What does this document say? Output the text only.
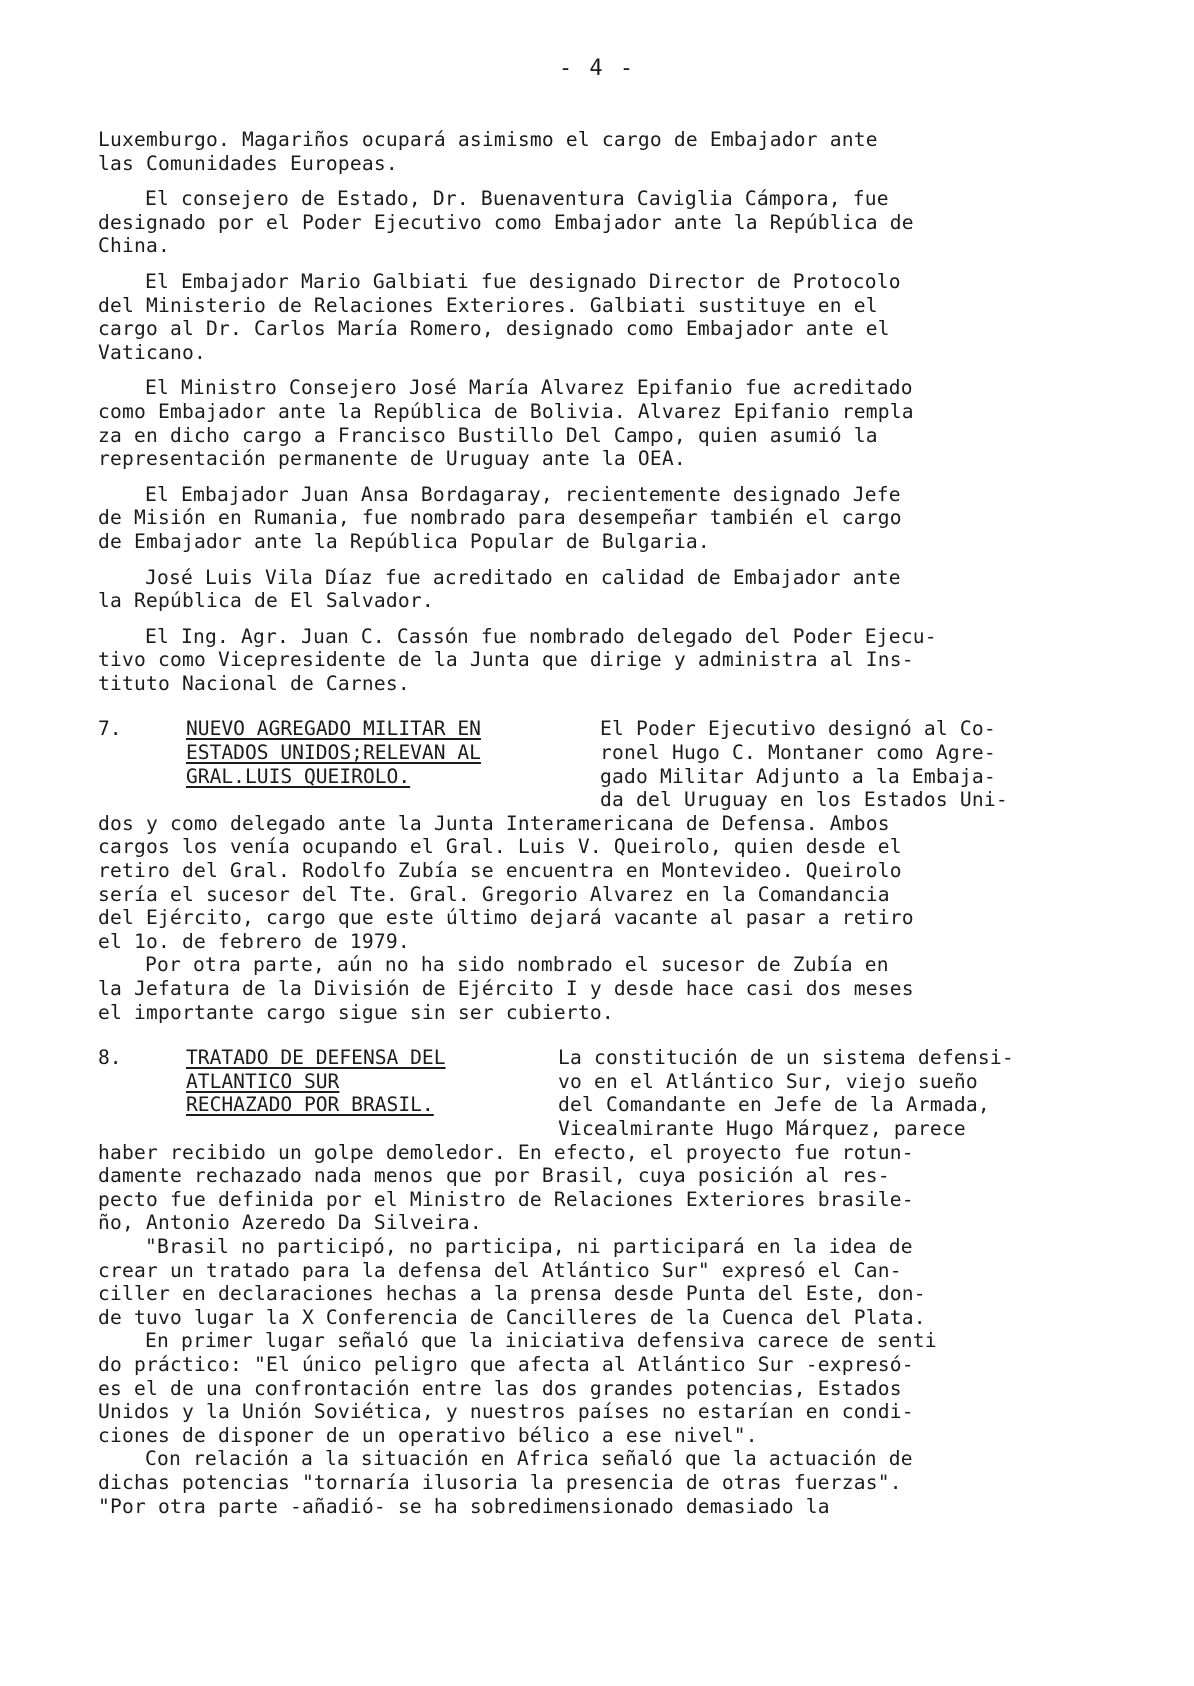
- 4 -
Luxemburgo. Magariños ocupará asimismo el cargo de Embajador ante
las Comunidades Europeas.
El consejero de Estado, Dr. Buenaventura Caviglia Cámpora, fue
designado por el Poder Ejecutivo como Embajador ante la República de
China.
El Embajador Mario Galbiati fue designado Director de Protocolo
del Ministerio de Relaciones Exteriores. Galbiati sustituye en el
cargo al Dr. Carlos María Romero, designado como Embajador ante el
Vaticano.
El Ministro Consejero José María Alvarez Epifanio fue acreditado
como Embajador ante la República de Bolivia. Alvarez Epifanio rempla
za en dicho cargo a Francisco Bustillo Del Campo, quien asumió la
representación permanente de Uruguay ante la OEA.
El Embajador Juan Ansa Bordagaray, recientemente designado Jefe
de Misión en Rumania, fue nombrado para desempeñar también el cargo
de Embajador ante la República Popular de Bulgaria.
José Luis Vila Díaz fue acreditado en calidad de Embajador ante
la República de El Salvador.
El Ing. Agr. Juan C. Cassón fue nombrado delegado del Poder Ejecu-
tivo como Vicepresidente de la Junta que dirige y administra al Ins-
tituto Nacional de Carnes.
7.	NUEVO AGREGADO MILITAR EN
ESTADOS UNIDOS;RELEVAN AL
GRAL.LUIS QUEIROLO.
El Poder Ejecutivo designó al Co-
ronel Hugo C. Montaner como Agre-
gado Militar Adjunto a la Embaja-
da del Uruguay en los Estados Uni-
dos y como delegado ante la Junta Interamericana de Defensa. Ambos
cargos los venía ocupando el Gral. Luis V. Queirolo, quien desde el
retiro del Gral. Rodolfo Zubía se encuentra en Montevideo. Queirolo
sería el sucesor del Tte. Gral. Gregorio Alvarez en la Comandancia
del Ejército, cargo que este último dejará vacante al pasar a retiro
el 1o. de febrero de 1979.
Por otra parte, aún no ha sido nombrado el sucesor de Zubía en
la Jefatura de la División de Ejército I y desde hace casi dos meses
el importante cargo sigue sin ser cubierto.
8.	TRATADO DE DEFENSA DEL
ATLANTICO SUR
RECHAZADO POR BRASIL.
La constitución de un sistema defensi-
vo en el Atlántico Sur, viejo sueño
del Comandante en Jefe de la Armada,
Vicealmirante Hugo Márquez, parece
haber recibido un golpe demoledor. En efecto, el proyecto fue rotun-
damente rechazado nada menos que por Brasil, cuya posición al res-
pecto fue definida por el Ministro de Relaciones Exteriores brasile-
ño, Antonio Azeredo Da Silveira.
"Brasil no participó, no participa, ni participará en la idea de
crear un tratado para la defensa del Atlántico Sur" expresó el Can-
ciller en declaraciones hechas a la prensa desde Punta del Este, don-
de tuvo lugar la X Conferencia de Cancilleres de la Cuenca del Plata.
En primer lugar señaló que la iniciativa defensiva carece de senti
do práctico: "El único peligro que afecta al Atlántico Sur -expresó-
es el de una confrontación entre las dos grandes potencias, Estados
Unidos y la Unión Soviética, y nuestros países no estarían en condi-
ciones de disponer de un operativo bélico a ese nivel".
Con relación a la situación en Africa señaló que la actuación de
dichas potencias "tornaría ilusoria la presencia de otras fuerzas".
"Por otra parte -añadió- se ha sobredimensionado demasiado la
